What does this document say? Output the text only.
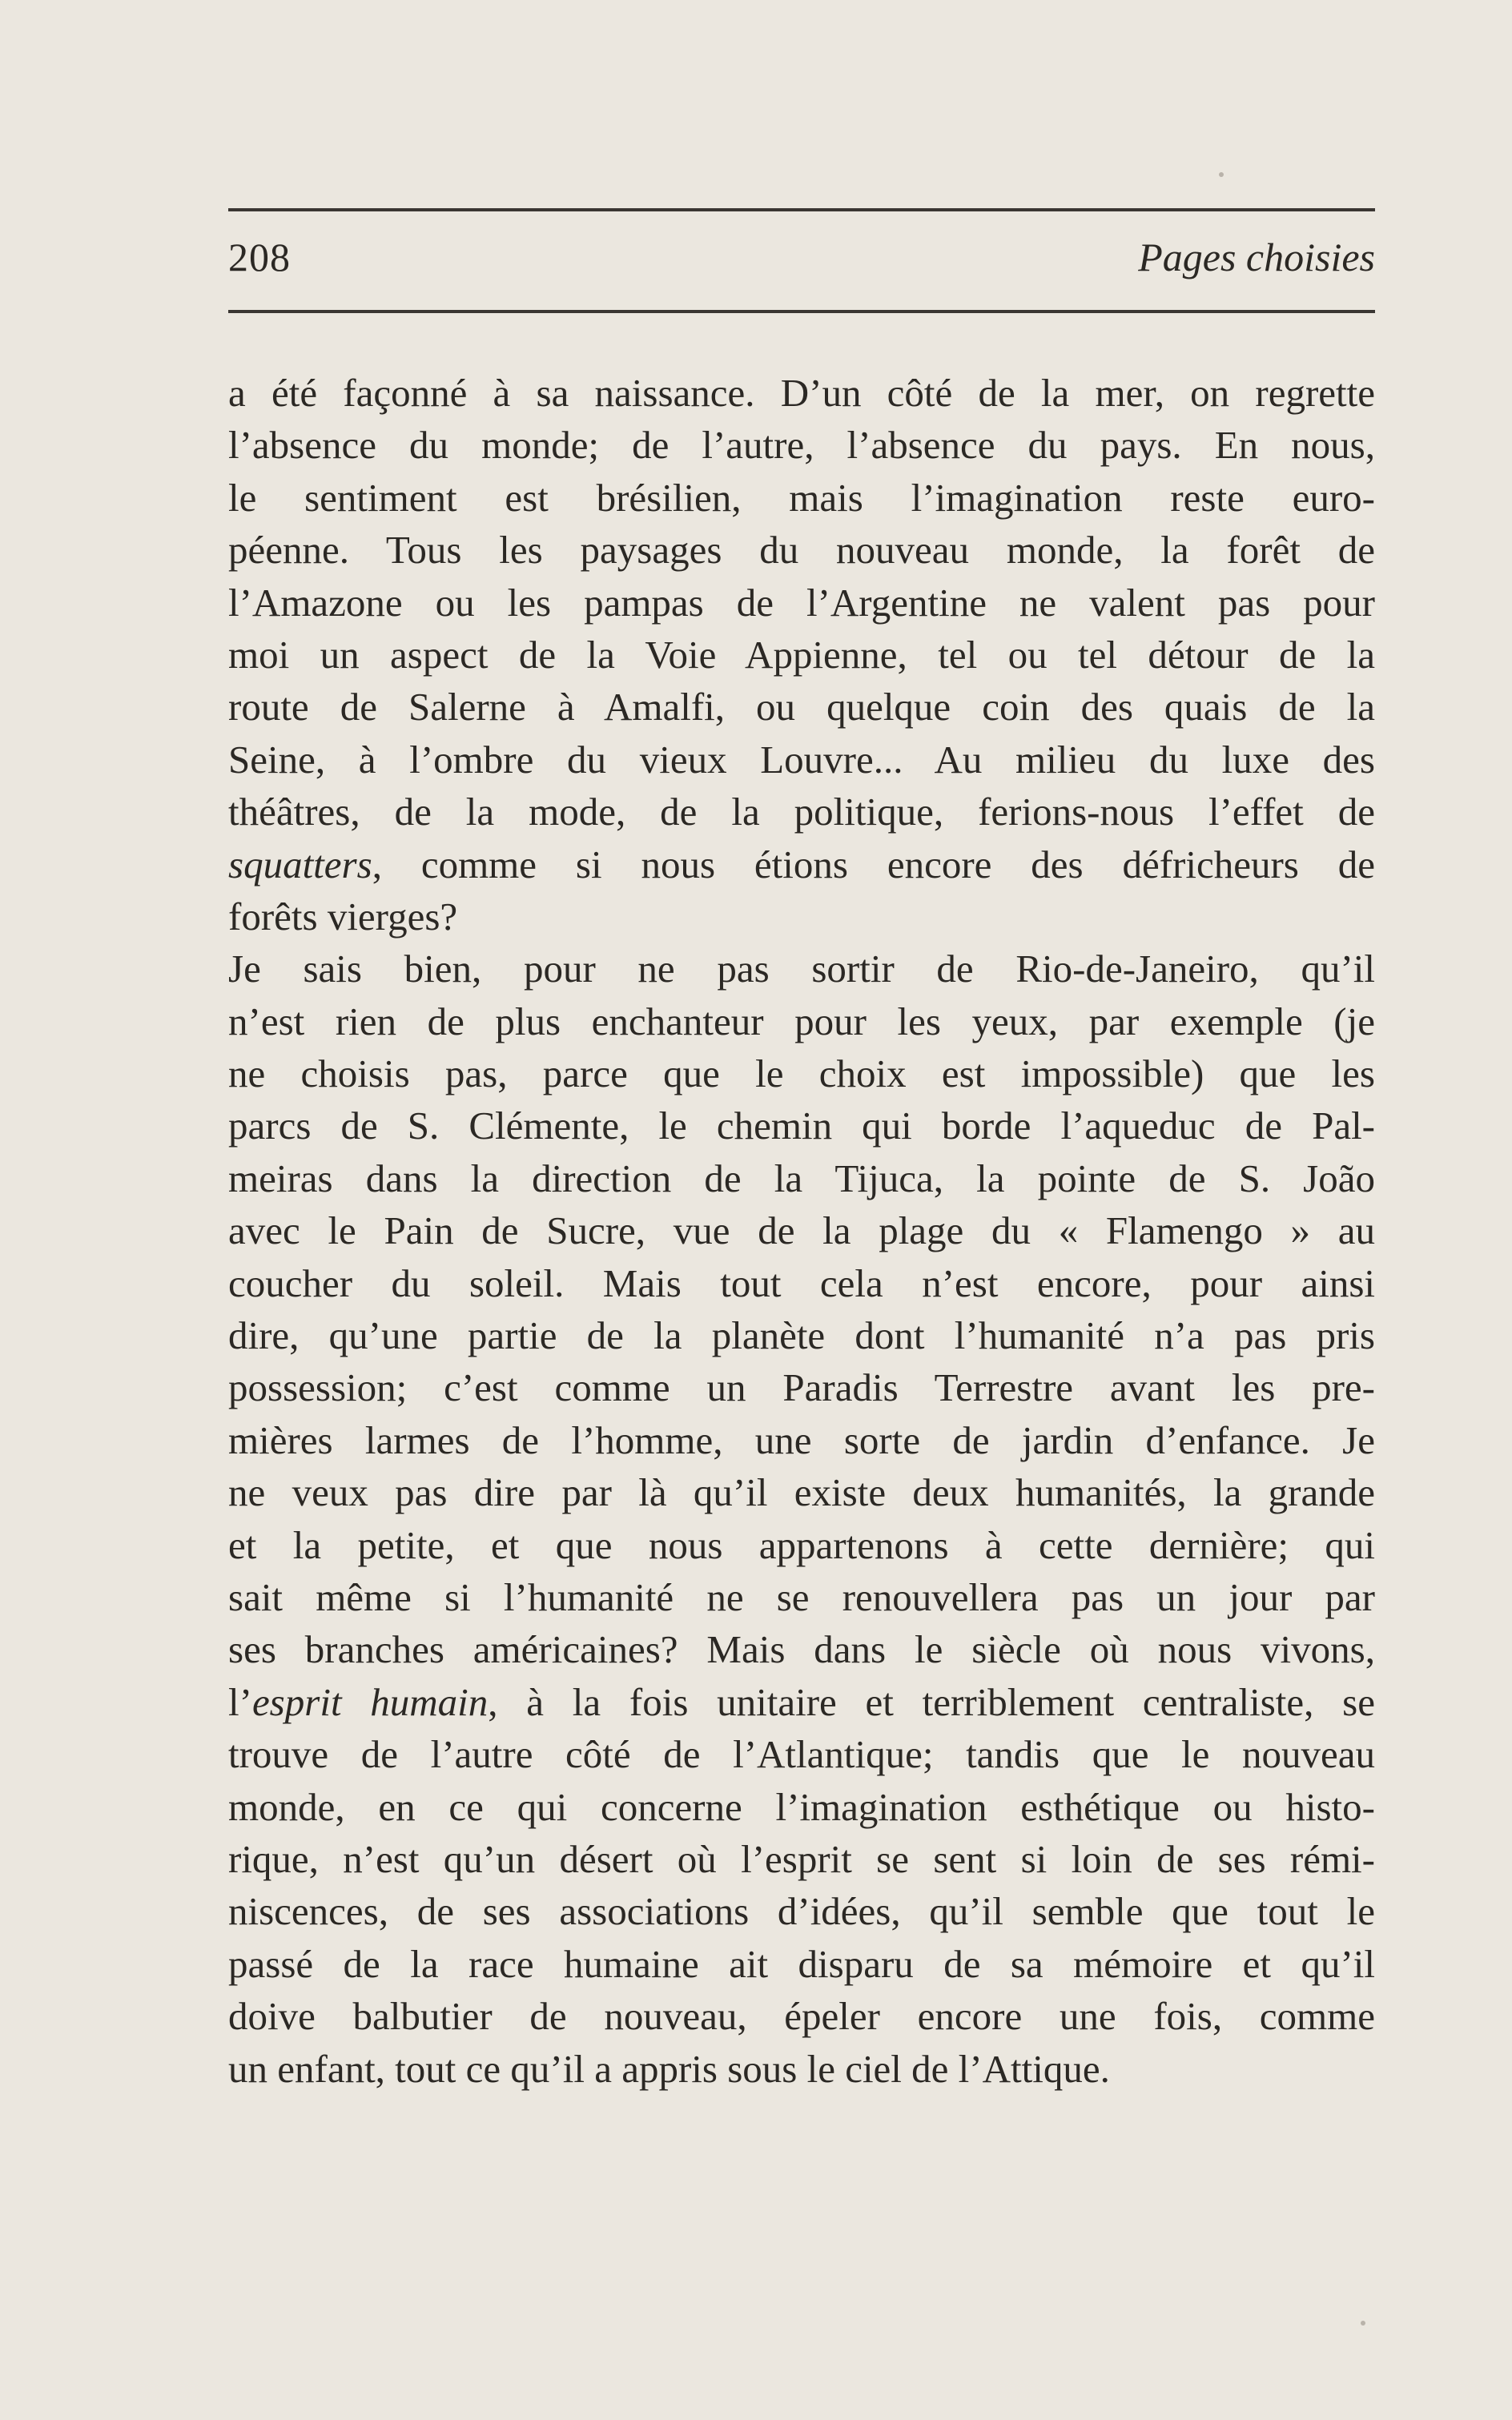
208	Pages choisies
a été façonné à sa naissance. D’un côté de la mer, on regrette
l’absence du monde; de l’autre, l’absence du pays. En nous,
le sentiment est brésilien, mais l’imagination reste euro-
péenne. Tous les paysages du nouveau monde, la forêt de
l’Amazone ou les pampas de l’Argentine ne valent pas pour
moi un aspect de la Voie Appienne, tel ou tel détour de la
route de Salerne à Amalfi, ou quelque coin des quais de la
Seine, à l’ombre du vieux Louvre... Au milieu du luxe des
théâtres, de la mode, de la politique, ferions-nous l’effet de
squatters, comme si nous étions encore des défricheurs de
forêts vierges?
Je sais bien, pour ne pas sortir de Rio-de-Janeiro, qu’il
n’est rien de plus enchanteur pour les yeux, par exemple (je
ne choisis pas, parce que le choix est impossible) que les
parcs de S. Clémente, le chemin qui borde l’aqueduc de Pal-
meiras dans la direction de la Tijuca, la pointe de S. João
avec le Pain de Sucre, vue de la plage du « Flamengo » au
coucher du soleil. Mais tout cela n’est encore, pour ainsi
dire, qu’une partie de la planète dont l’humanité n’a pas pris
possession; c’est comme un Paradis Terrestre avant les pre-
mières larmes de l’homme, une sorte de jardin d’enfance. Je
ne veux pas dire par là qu’il existe deux humanités, la grande
et la petite, et que nous appartenons à cette dernière; qui
sait même si l’humanité ne se renouvellera pas un jour par
ses branches américaines? Mais dans le siècle où nous vivons,
l’esprit humain, à la fois unitaire et terriblement centraliste, se
trouve de l’autre côté de l’Atlantique; tandis que le nouveau
monde, en ce qui concerne l’imagination esthétique ou histo-
rique, n’est qu’un désert où l’esprit se sent si loin de ses rémi-
niscences, de ses associations d’idées, qu’il semble que tout le
passé de la race humaine ait disparu de sa mémoire et qu’il
doive balbutier de nouveau, épeler encore une fois, comme
un enfant, tout ce qu’il a appris sous le ciel de l’Attique.
